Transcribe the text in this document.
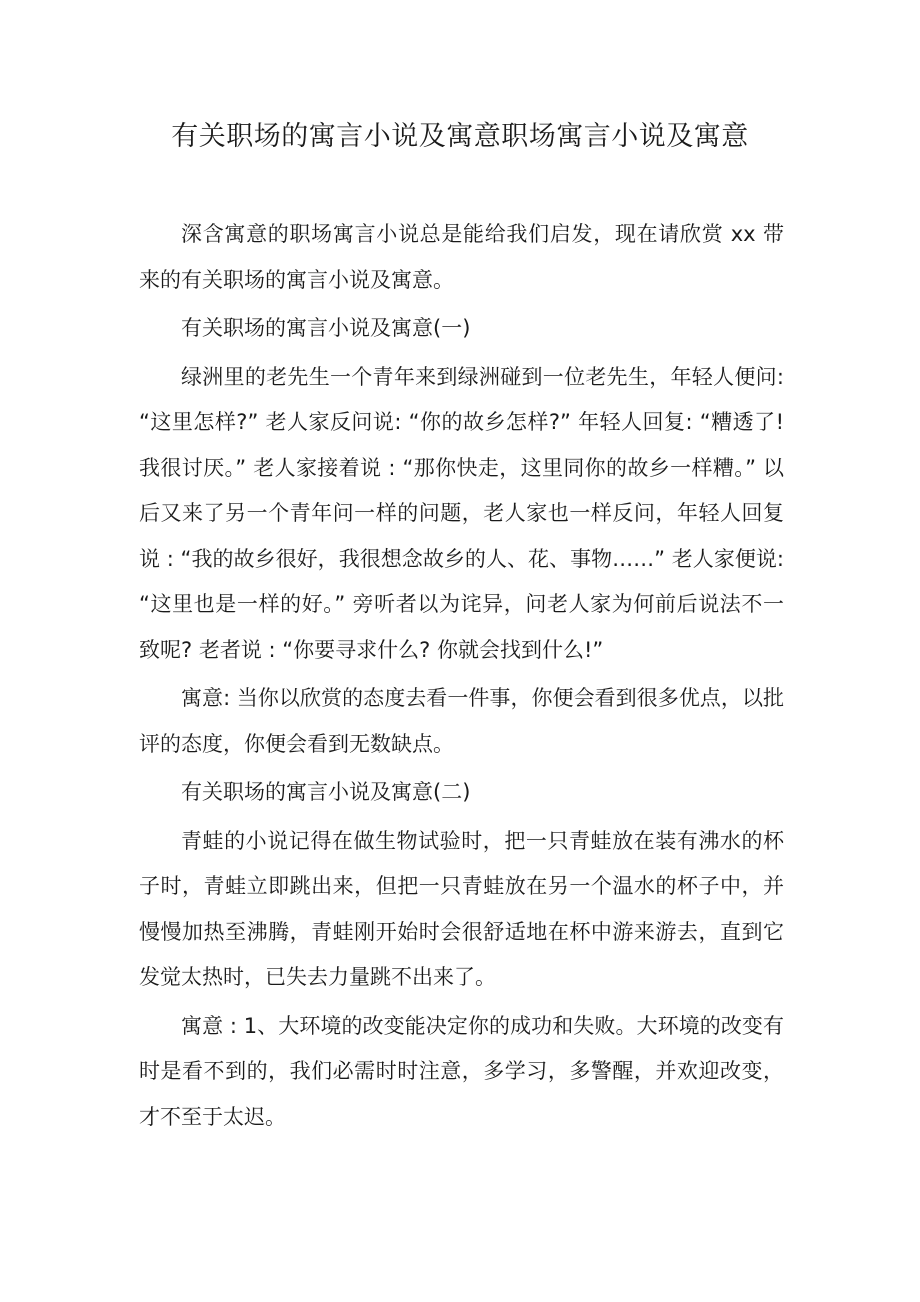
有关职场的寓言小说及寓意职场寓言小说及寓意

深含寓意的职场寓言小说总是能给我们启发，现在请欣赏 xx 带来的有关职场的寓言小说及寓意。

有关职场的寓言小说及寓意(一)

绿洲里的老先生一个青年来到绿洲碰到一位老先生，年轻人便问: “这里怎样?” 老人家反问说: “你的故乡怎样?” 年轻人回复: “糟透了! 我很讨厌。” 老人家接着说 : “那你快走，这里同你的故乡一样糟。” 以后又来了另一个青年问一样的问题，老人家也一样反问，年轻人回复说 : “我的故乡很好，我很想念故乡的人、花、事物……” 老人家便说: “这里也是一样的好。” 旁听者以为诧异，问老人家为何前后说法不一致呢? 老者说 : “你要寻求什么? 你就会找到什么!”

寓意: 当你以欣赏的态度去看一件事，你便会看到很多优点，以批评的态度，你便会看到无数缺点。

有关职场的寓言小说及寓意(二)

青蛙的小说记得在做生物试验时，把一只青蛙放在装有沸水的杯子时，青蛙立即跳出来，但把一只青蛙放在另一个温水的杯子中，并慢慢加热至沸腾，青蛙刚开始时会很舒适地在杯中游来游去，直到它发觉太热时，已失去力量跳不出来了。

寓意 : 1、大环境的改变能决定你的成功和失败。大环境的改变有时是看不到的，我们必需时时注意，多学习，多警醒，并欢迎改变，才不至于太迟。
